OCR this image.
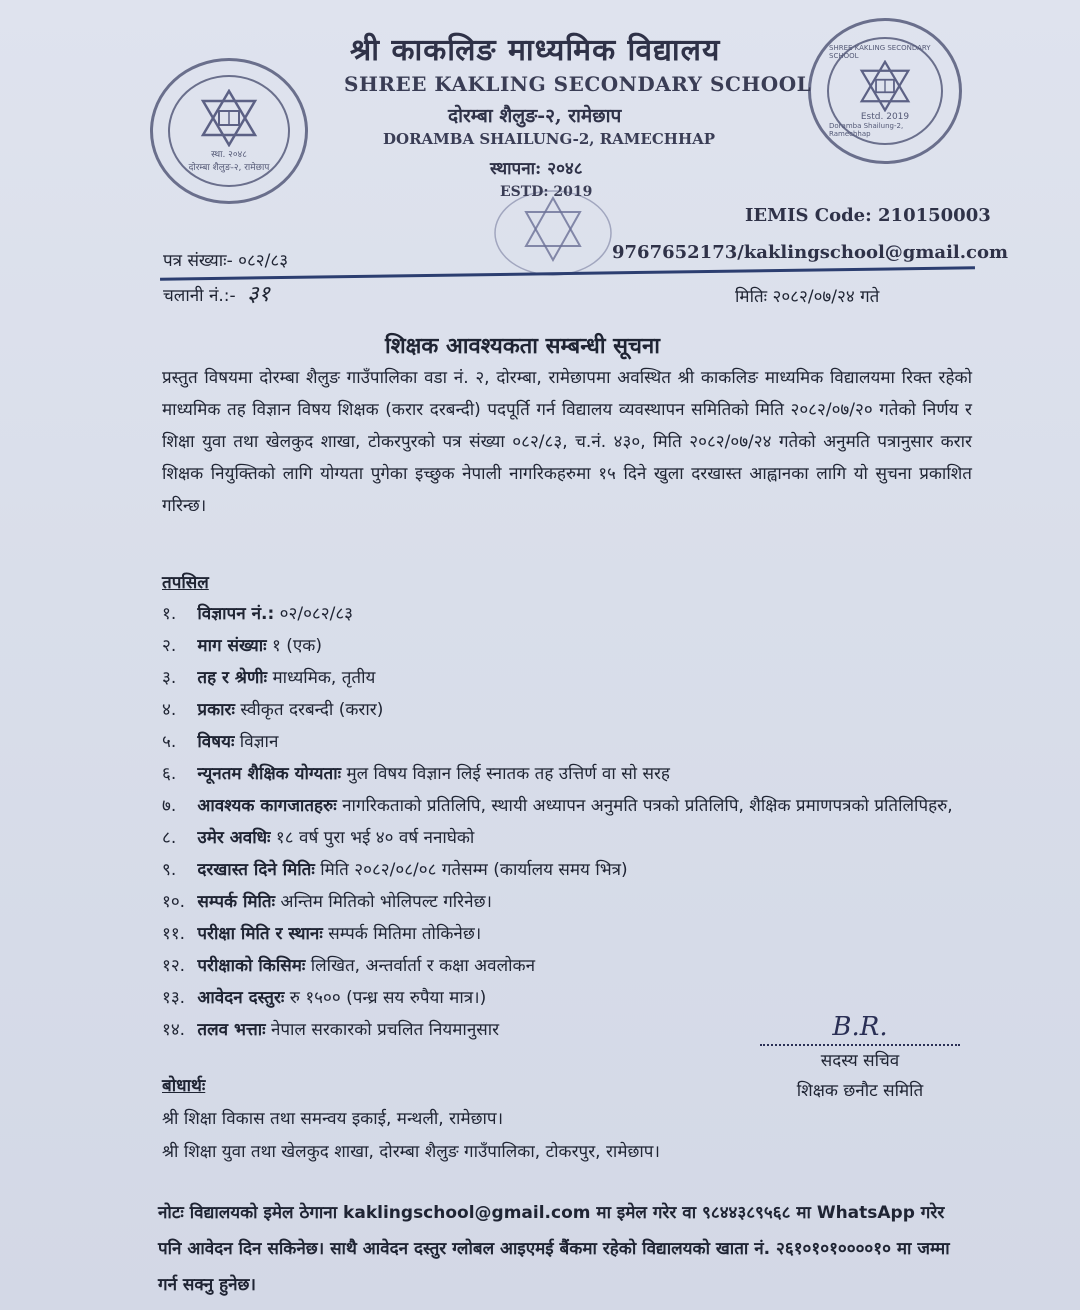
स्था. २०४८
दोरम्बा शैलुङ-२, रामेछाप
SHREE KAKLING SECONDARY SCHOOL
Estd. 2019
Doramba Shailung-2, Ramechhap
श्री काकलिङ माध्यमिक विद्यालय
SHREE KAKLING SECONDARY SCHOOL
दोरम्बा शैलुङ-२, रामेछाप
DORAMBA SHAILUNG-2, RAMECHHAP
स्थापना: २०४८
ESTD: 2019
IEMIS Code: 210150003
9767652173/kaklingschool@gmail.com
पत्र संख्याः- ०८२/८३
चलानी नं.:- ३१	मितिः २०८२/०७/२४ गते
शिक्षक आवश्यकता सम्बन्धी सूचना
प्रस्तुत विषयमा दोरम्बा शैलुङ गाउँपालिका वडा नं. २, दोरम्बा, रामेछापमा अवस्थित श्री काकलिङ माध्यमिक विद्यालयमा रिक्त रहेको माध्यमिक तह विज्ञान विषय शिक्षक (करार दरबन्दी) पदपूर्ति गर्न विद्यालय व्यवस्थापन समितिको मिति २०८२/०७/२० गतेको निर्णय र शिक्षा युवा तथा खेलकुद शाखा, टोकरपुरको पत्र संख्या ०८२/८३, च.नं. ४३०, मिति २०८२/०७/२४ गतेको अनुमति पत्रानुसार करार शिक्षक नियुक्तिको लागि योग्यता पुगेका इच्छुक नेपाली नागरिकहरुमा १५ दिने खुला दरखास्त आह्वानका लागि यो सुचना प्रकाशित गरिन्छ।
तपसिल
१. विज्ञापन नं.: ०२/०८२/८३
२. माग संख्याः १ (एक)
३. तह र श्रेणीः माध्यमिक, तृतीय
४. प्रकारः स्वीकृत दरबन्दी (करार)
५. विषयः विज्ञान
६. न्यूनतम शैक्षिक योग्यताः मुल विषय विज्ञान लिई स्नातक तह उत्तिर्ण वा सो सरह
७. आवश्यक कागजातहरुः नागरिकताको प्रतिलिपि, स्थायी अध्यापन अनुमति पत्रको प्रतिलिपि, शैक्षिक प्रमाणपत्रको प्रतिलिपिहरु,
८. उमेर अवधिः १८ वर्ष पुरा भई ४० वर्ष ननाघेको
९. दरखास्त दिने मितिः मिति २०८२/०८/०८ गतेसम्म (कार्यालय समय भित्र)
१०. सम्पर्क मितिः अन्तिम मितिको भोलिपल्ट गरिनेछ।
११. परीक्षा मिति र स्थानः सम्पर्क मितिमा तोकिनेछ।
१२. परीक्षाको किसिमः लिखित, अन्तर्वार्ता र कक्षा अवलोकन
१३. आवेदन दस्तुरः रु १५०० (पन्ध्र सय रुपैया मात्र।)
१४. तलव भत्ताः नेपाल सरकारको प्रचलित नियमानुसार	B.R.
सदस्य सचिव
शिक्षक छनौट समिति
बोधार्थः
श्री शिक्षा विकास तथा समन्वय इकाई, मन्थली, रामेछाप।
श्री शिक्षा युवा तथा खेलकुद शाखा, दोरम्बा शैलुङ गाउँपालिका, टोकरपुर, रामेछाप।
नोटः विद्यालयको इमेल ठेगाना kaklingschool@gmail.com मा इमेल गरेर वा ९८४४३८९५६८ मा WhatsApp गरेर पनि आवेदन दिन सकिनेछ। साथै आवेदन दस्तुर ग्लोबल आइएमई बैंकमा रहेको विद्यालयको खाता नं. २६१०१०१००००१० मा जम्मा गर्न सक्नु हुनेछ।
